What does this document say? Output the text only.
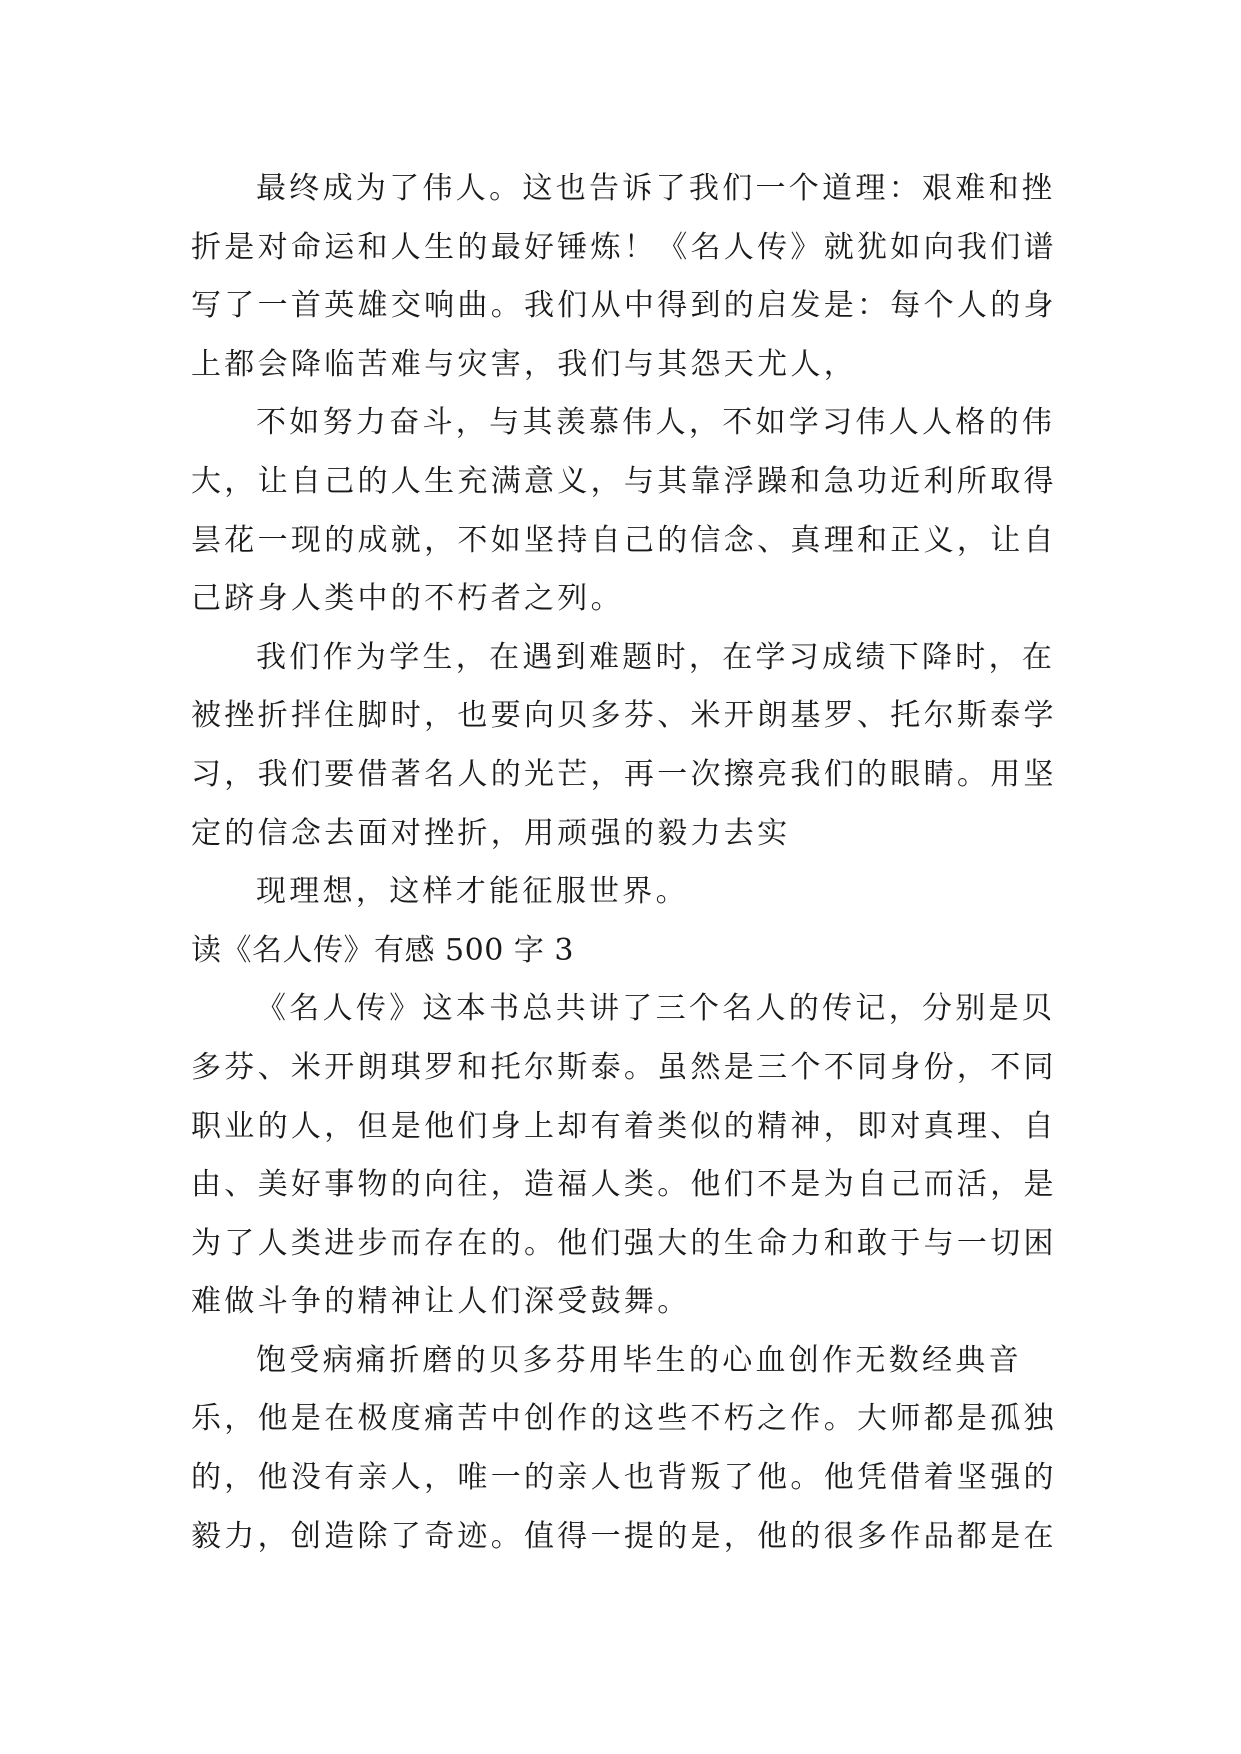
最终成为了伟人。这也告诉了我们一个道理：艰难和挫
折是对命运和人生的最好锤炼！《名人传》就犹如向我们谱
写了一首英雄交响曲。我们从中得到的启发是：每个人的身
上都会降临苦难与灾害，我们与其怨天尤人，
不如努力奋斗，与其羡慕伟人，不如学习伟人人格的伟
大，让自己的人生充满意义，与其靠浮躁和急功近利所取得
昙花一现的成就，不如坚持自己的信念、真理和正义，让自
己跻身人类中的不朽者之列。
我们作为学生，在遇到难题时，在学习成绩下降时，在
被挫折拌住脚时，也要向贝多芬、米开朗基罗、托尔斯泰学
习，我们要借著名人的光芒，再一次擦亮我们的眼睛。用坚
定的信念去面对挫折，用顽强的毅力去实
现理想，这样才能征服世界。
读《名人传》有感 500 字 3
《名人传》这本书总共讲了三个名人的传记，分别是贝
多芬、米开朗琪罗和托尔斯泰。虽然是三个不同身份，不同
职业的人，但是他们身上却有着类似的精神，即对真理、自
由、美好事物的向往，造福人类。他们不是为自己而活，是
为了人类进步而存在的。他们强大的生命力和敢于与一切困
难做斗争的精神让人们深受鼓舞。
饱受病痛折磨的贝多芬用毕生的心血创作无数经典音
乐，他是在极度痛苦中创作的这些不朽之作。大师都是孤独
的，他没有亲人，唯一的亲人也背叛了他。他凭借着坚强的
毅力，创造除了奇迹。值得一提的是，他的很多作品都是在
